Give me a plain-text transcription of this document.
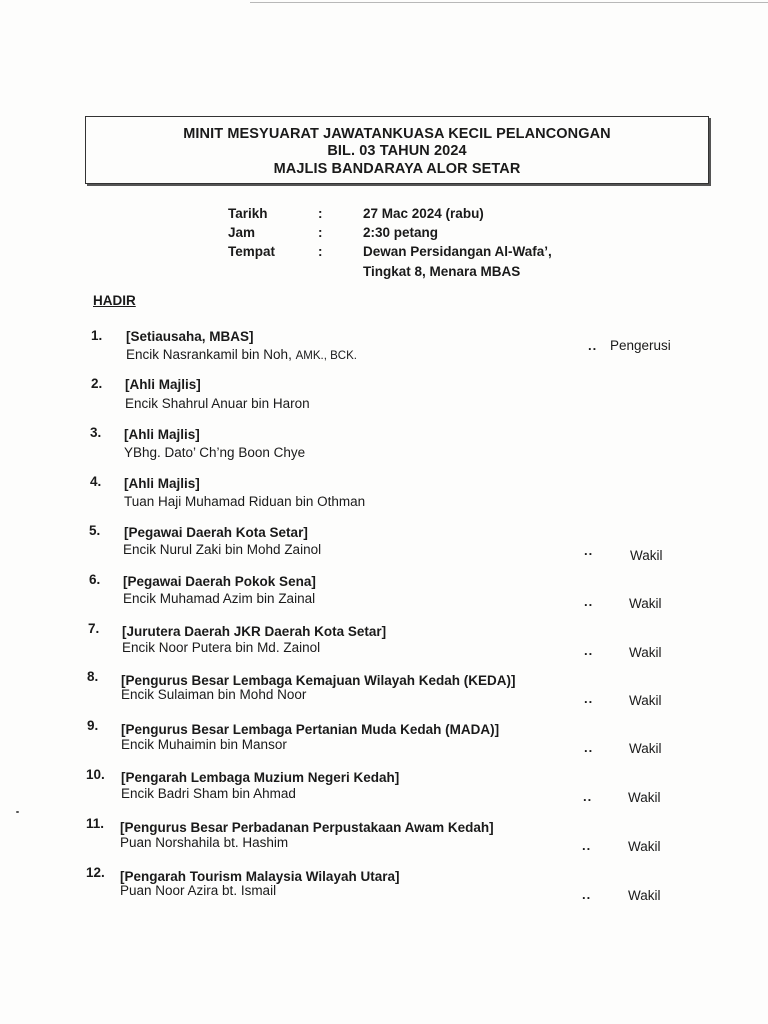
MINIT MESYUARAT JAWATANKUASA KECIL PELANCONGAN
BIL. 03 TAHUN 2024
MAJLIS BANDARAYA ALOR SETAR
Tarikh	:	27 Mac 2024 (rabu)
Jam	:	2:30 petang
Tempat	:	Dewan Persidangan Al-Wafa’,
Tingkat 8, Menara MBAS
HADIR
1.	[Setiausaha, MBAS]
Encik Nasrankamil bin Noh, AMK., BCK.
.. Pengerusi
2.	[Ahli Majlis]
Encik Shahrul Anuar bin Haron
3.	[Ahli Majlis]
YBhg. Dato’ Ch’ng Boon Chye
4.	[Ahli Majlis]
Tuan Haji Muhamad Riduan bin Othman
5.	[Pegawai Daerah Kota Setar]
Encik Nurul Zaki bin Mohd Zainol	..	Wakil
6.	[Pegawai Daerah Pokok Sena]
Encik Muhamad Azim bin Zainal	..	Wakil
7.	[Jurutera Daerah JKR Daerah Kota Setar]
Encik Noor Putera bin Md. Zainol	..	Wakil
8.	[Pengurus Besar Lembaga Kemajuan Wilayah Kedah (KEDA)]
Encik Sulaiman bin Mohd Noor	..	Wakil
9.	[Pengurus Besar Lembaga Pertanian Muda Kedah (MADA)]
Encik Muhaimin bin Mansor	..	Wakil
10.	[Pengarah Lembaga Muzium Negeri Kedah]
Encik Badri Sham bin Ahmad	..	Wakil
11.	[Pengurus Besar Perbadanan Perpustakaan Awam Kedah]
Puan Norshahila bt. Hashim	..	Wakil
12.	[Pengarah Tourism Malaysia Wilayah Utara]
Puan Noor Azira bt. Ismail	..	Wakil
